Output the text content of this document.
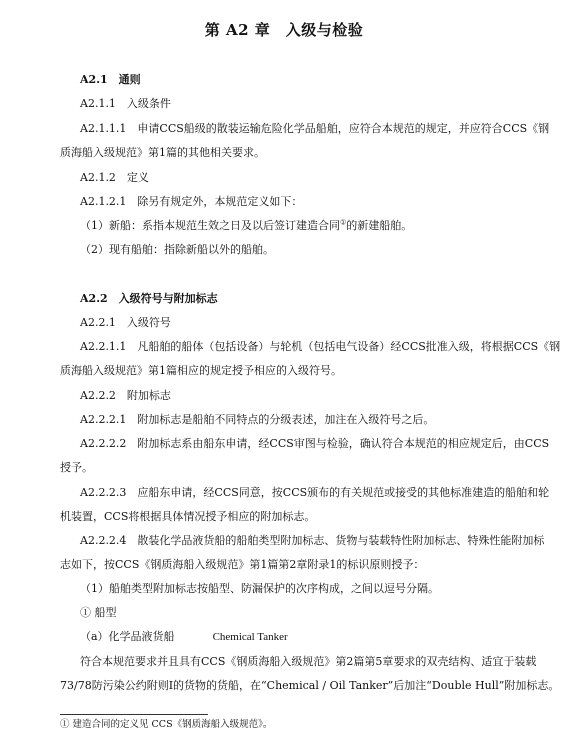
第 A2 章　入级与检验
A2.1　通则
A2.1.1　入级条件
A2.1.1.1　申请CCS船级的散装运输危险化学品船舶，应符合本规范的规定，并应符合CCS《钢
质海船入级规范》第1篇的其他相关要求。
A2.1.2　定义
A2.1.2.1　除另有规定外，本规范定义如下：
（1）新船：系指本规范生效之日及以后签订建造合同①的新建船舶。
（2）现有船舶：指除新船以外的船舶。
A2.2　入级符号与附加标志
A2.2.1　入级符号
A2.2.1.1　凡船舶的船体（包括设备）与轮机（包括电气设备）经CCS批准入级，将根据CCS《钢
质海船入级规范》第1篇相应的规定授予相应的入级符号。
A2.2.2　附加标志
A2.2.2.1　附加标志是船舶不同特点的分级表述，加注在入级符号之后。
A2.2.2.2　附加标志系由船东申请，经CCS审图与检验，确认符合本规范的相应规定后，由CCS
授予。
A2.2.2.3　应船东申请，经CCS同意，按CCS颁布的有关规范或接受的其他标准建造的船舶和轮
机装置，CCS将根据具体情况授予相应的附加标志。
A2.2.2.4　散装化学品液货船的船舶类型附加标志、货物与装载特性附加标志、特殊性能附加标
志如下，按CCS《钢质海船入级规范》第1篇第2章附录1的标识原则授予：
（1）船舶类型附加标志按船型、防漏保护的次序构成，之间以逗号分隔。
① 船型
（a）化学品液货船	Chemical Tanker
符合本规范要求并且具有CCS《钢质海船入级规范》第2篇第5章要求的双壳结构、适宜于装载
73/78防污染公约附则I的货物的货船，在“Chemical / Oil Tanker”后加注“Double Hull”附加标志。
① 建造合同的定义见 CCS《钢质海船入级规范》。
